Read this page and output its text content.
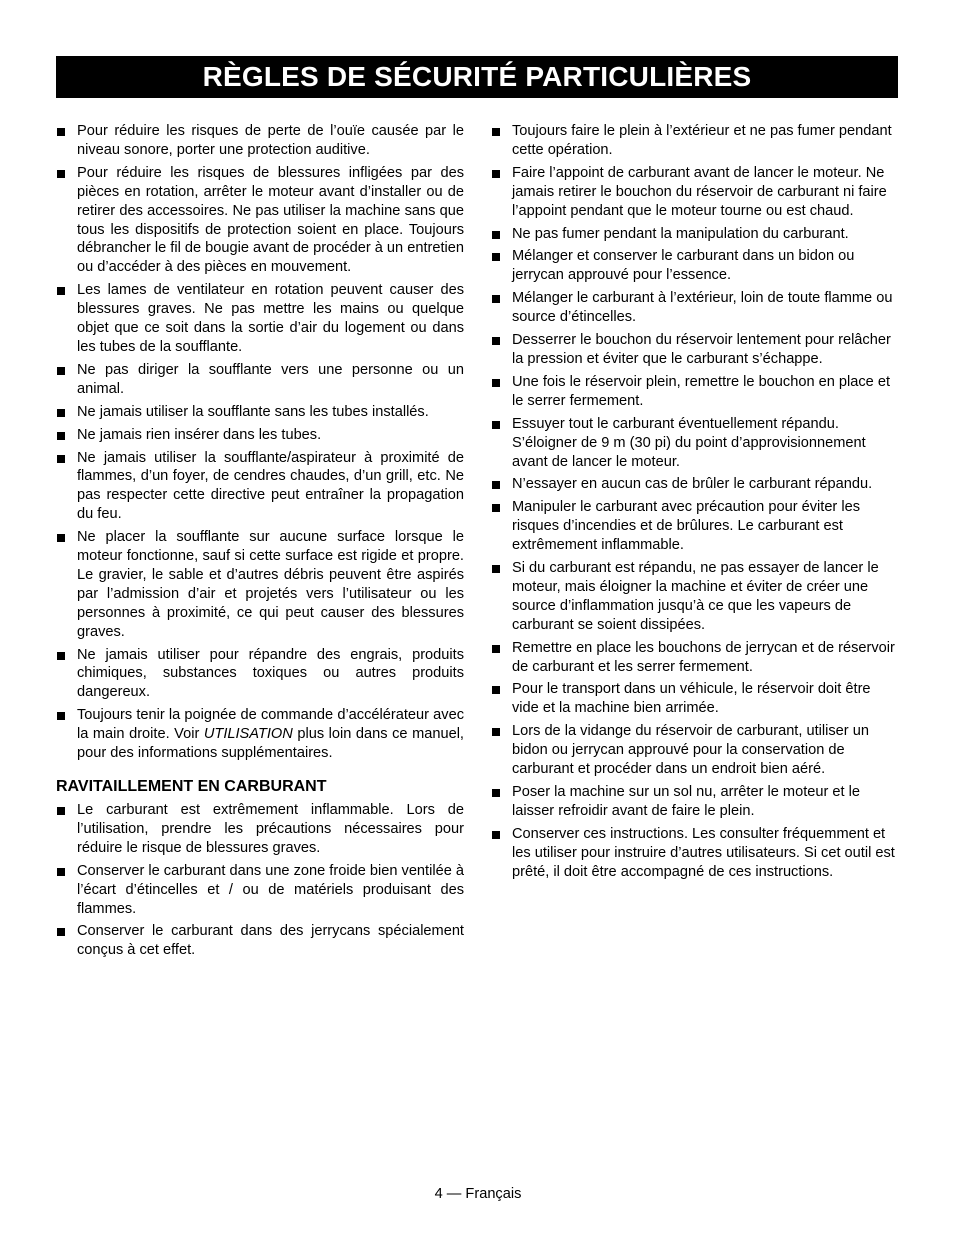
RÈGLES DE SÉCURITÉ PARTICULIÈRES
Pour réduire les risques de perte de l’ouïe causée par le niveau sonore, porter une protection auditive.
Pour réduire les risques de blessures infligées par des pièces en rotation, arrêter le moteur avant d’installer ou de retirer des accessoires. Ne pas utiliser la machine sans que tous les dispositifs de protection soient en place. Toujours débrancher le fil de bougie avant de procéder à un entretien ou d’accéder à des pièces en mouvement.
Les lames de ventilateur en rotation peuvent causer des blessures graves. Ne pas mettre les mains ou quelque objet que ce soit dans la sortie d’air du logement ou dans les tubes de la soufflante.
Ne pas diriger la soufflante vers une personne ou un animal.
Ne jamais utiliser la soufflante sans les tubes installés.
Ne jamais rien insérer dans les tubes.
Ne jamais utiliser la soufflante/aspirateur à proximité de flammes, d’un foyer, de cendres chaudes, d’un grill, etc. Ne pas respecter cette directive peut entraîner la propagation du feu.
Ne placer la soufflante sur aucune surface lorsque le moteur fonctionne, sauf si cette surface est rigide et propre. Le gravier, le sable et d’autres débris peuvent être aspirés par l’admission d’air et projetés vers l’utilisateur ou les personnes à proximité, ce qui peut causer des blessures graves.
Ne jamais utiliser pour répandre des engrais, produits chimiques, substances toxiques ou autres produits dangereux.
Toujours tenir la poignée de commande d’accélérateur avec la main droite. Voir UTILISATION plus loin dans ce manuel, pour des informations supplémentaires.
RAVITAILLEMENT EN CARBURANT
Le carburant est extrêmement inflammable. Lors de l’utilisation, prendre les précautions nécessaires pour réduire le risque de blessures graves.
Conserver le carburant dans une zone froide bien ventilée à l’écart d’étincelles et / ou de matériels produisant des flammes.
Conserver le carburant dans des jerrycans spécialement conçus à cet effet.
Toujours faire le plein à l’extérieur et ne pas fumer pendant cette opération.
Faire l’appoint de carburant avant de lancer le moteur. Ne jamais retirer le bouchon du réservoir de carburant ni faire l’appoint pendant que le moteur tourne ou est chaud.
Ne pas fumer pendant la manipulation du carburant.
Mélanger et conserver le carburant dans un bidon ou jerrycan approuvé pour l’essence.
Mélanger le carburant à l’extérieur, loin de toute flamme ou source d’étincelles.
Desserrer le bouchon du réservoir lentement pour relâcher la pression et éviter que le carburant s’échappe.
Une fois le réservoir plein, remettre le bouchon en place et le serrer fermement.
Essuyer tout le carburant éventuellement répandu. S’éloigner de 9 m (30 pi) du point d’approvisionnement avant de lancer le moteur.
N’essayer en aucun cas de brûler le carburant répandu.
Manipuler le carburant avec précaution pour éviter les risques d’incendies et de brûlures. Le carburant est extrêmement inflammable.
Si du carburant est répandu, ne pas essayer de lancer le moteur, mais éloigner la machine et éviter de créer une source d’inflammation jusqu’à ce que les vapeurs de carburant se soient dissipées.
Remettre en place les bouchons de jerrycan et de réservoir de carburant et les serrer fermement.
Pour le transport dans un véhicule, le réservoir doit être vide et la machine bien arrimée.
Lors de la vidange du réservoir de carburant, utiliser un bidon ou jerrycan approuvé pour la conservation de carburant et procéder dans un endroit bien aéré.
Poser la machine sur un sol nu, arrêter le moteur et le laisser refroidir avant de faire le plein.
Conserver ces instructions. Les consulter fréquemment et les utiliser pour instruire d’autres utilisateurs. Si cet outil est prêté, il doit être accompagné de ces instructions.
4 — Français
